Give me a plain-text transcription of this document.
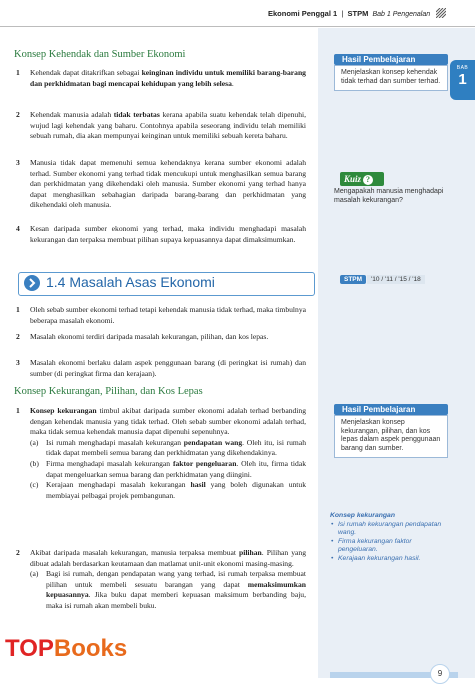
Ekonomi Penggal 1  |  STPM Bab 1 Pengenalan
BAB
1
Konsep Kehendak dan Sumber Ekonomi
1 Kehendak dapat ditakrifkan sebagai keinginan individu untuk memiliki barang-barang dan perkhidmatan bagi mencapai kehidupan yang lebih selesa.
2 Kehendak manusia adalah tidak terbatas kerana apabila suatu kehendak telah dipenuhi, wujud lagi kehendak yang baharu. Contohnya apabila seseorang individu telah memiliki sebuah rumah, dia akan mempunyai keinginan untuk memiliki sebuah kereta baharu.
3 Manusia tidak dapat memenuhi semua kehendaknya kerana sumber ekonomi adalah terhad. Sumber ekonomi yang terhad tidak mencukupi untuk menghasilkan semua barang dan perkhidmatan yang dikehendaki oleh manusia. Sumber ekonomi yang terhad hanya dapat menghasilkan sebahagian daripada barang-barang dan perkhidmatan yang dikehendaki oleh manusia.
4 Kesan daripada sumber ekonomi yang terhad, maka individu menghadapi masalah kekurangan dan terpaksa membuat pilihan supaya kepuasannya dapat dimaksimumkan.
Hasil Pembelajaran
Menjelaskan konsep kehendak tidak terhad dan sumber terhad.
Kuiz ?
Mengapakah manusia menghadapi masalah kekurangan?
1.4 Masalah Asas Ekonomi	STPM '10 / '11 / '15 / '18
1 Oleh sebab sumber ekonomi terhad tetapi kehendak manusia tidak terhad, maka timbulnya beberapa masalah ekonomi.
2 Masalah ekonomi terdiri daripada masalah kekurangan, pilihan, dan kos lepas.
3 Masalah ekonomi berlaku dalam aspek penggunaan barang (di peringkat isi rumah) dan sumber (di peringkat firma dan kerajaan).
Konsep Kekurangan, Pilihan, dan Kos Lepas
1 Konsep kekurangan timbul akibat daripada sumber ekonomi adalah terhad berbanding dengan kehendak manusia yang tidak terhad. Oleh sebab sumber ekonomi adalah terhad, maka tidak semua kehendak manusia dapat dipenuhi sepenuhnya.
(a) Isi rumah menghadapi masalah kekurangan pendapatan wang. Oleh itu, isi rumah tidak dapat membeli semua barang dan perkhidmatan yang dikehendakinya.
(b) Firma menghadapi masalah kekurangan faktor pengeluaran. Oleh itu, firma tidak dapat mengeluarkan semua barang dan perkhidmatan yang diingini.
(c) Kerajaan menghadapi masalah kekurangan hasil yang boleh digunakan untuk membiayai pelbagai projek pembangunan.
2 Akibat daripada masalah kekurangan, manusia terpaksa membuat pilihan. Pilihan yang dibuat adalah berdasarkan keutamaan dan matlamat unit-unit ekonomi masing-masing.
(a) Bagi isi rumah, dengan pendapatan wang yang terhad, isi rumah terpaksa membuat pilihan untuk membeli sesuatu barangan yang dapat memaksimumkan kepuasannya. Jika buku dapat memberi kepuasan maksimum berbanding baju, maka isi rumah akan membeli buku.
Hasil Pembelajaran
Menjelaskan konsep kekurangan, pilihan, dan kos lepas dalam aspek penggunaan barang dan sumber.
Konsep kekurangan
• Isi rumah kekurangan pendapatan wang.
• Firma kekurangan faktor pengeluaran.
• Kerajaan kekurangan hasil.
TOPBooks
9
